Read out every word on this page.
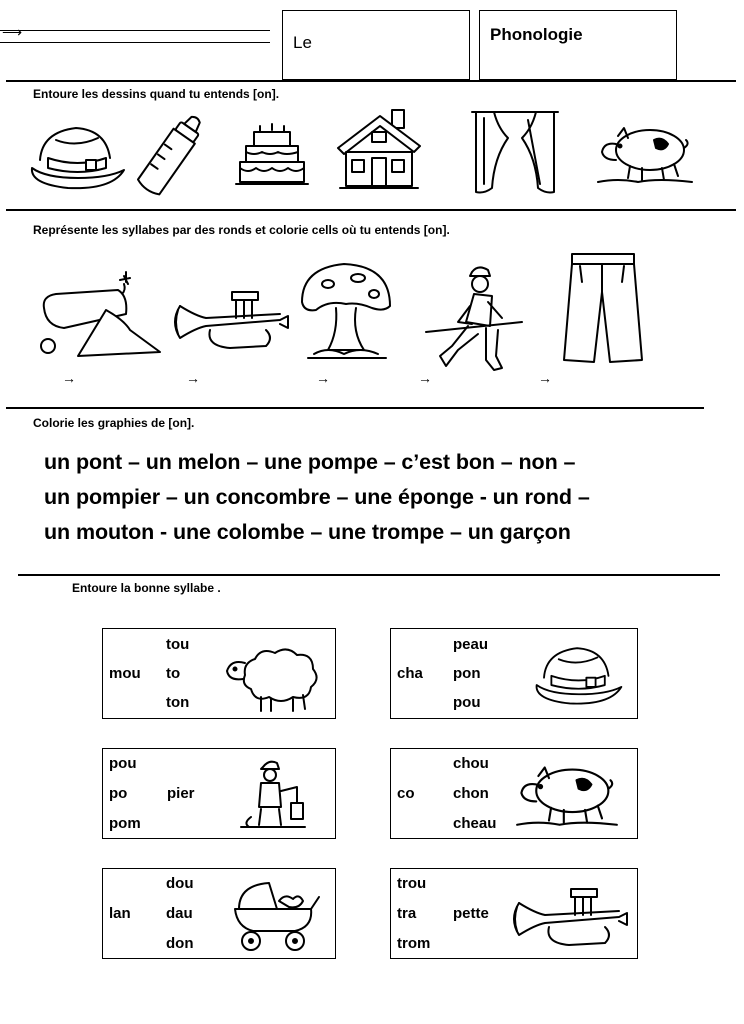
⟶
Le	Phonologie
Entoure les dessins quand tu entends [on].
Représente les syllabes par des ronds et colorie cells où tu entends [on].
→	→	→	→	→
Colorie les graphies de [on].
un pont – un melon – une pompe – c’est bon – non –
un pompier – un concombre – une éponge - un rond –
un mouton - une colombe – une trompe – un garçon
Entoure la bonne syllabe .
mou
tou
to
ton
cha
peau
pon
pou
pou
po
pom
pier	co
chou
chon
cheau
lan
dou
dau
don
trou
tra
trom
pette
